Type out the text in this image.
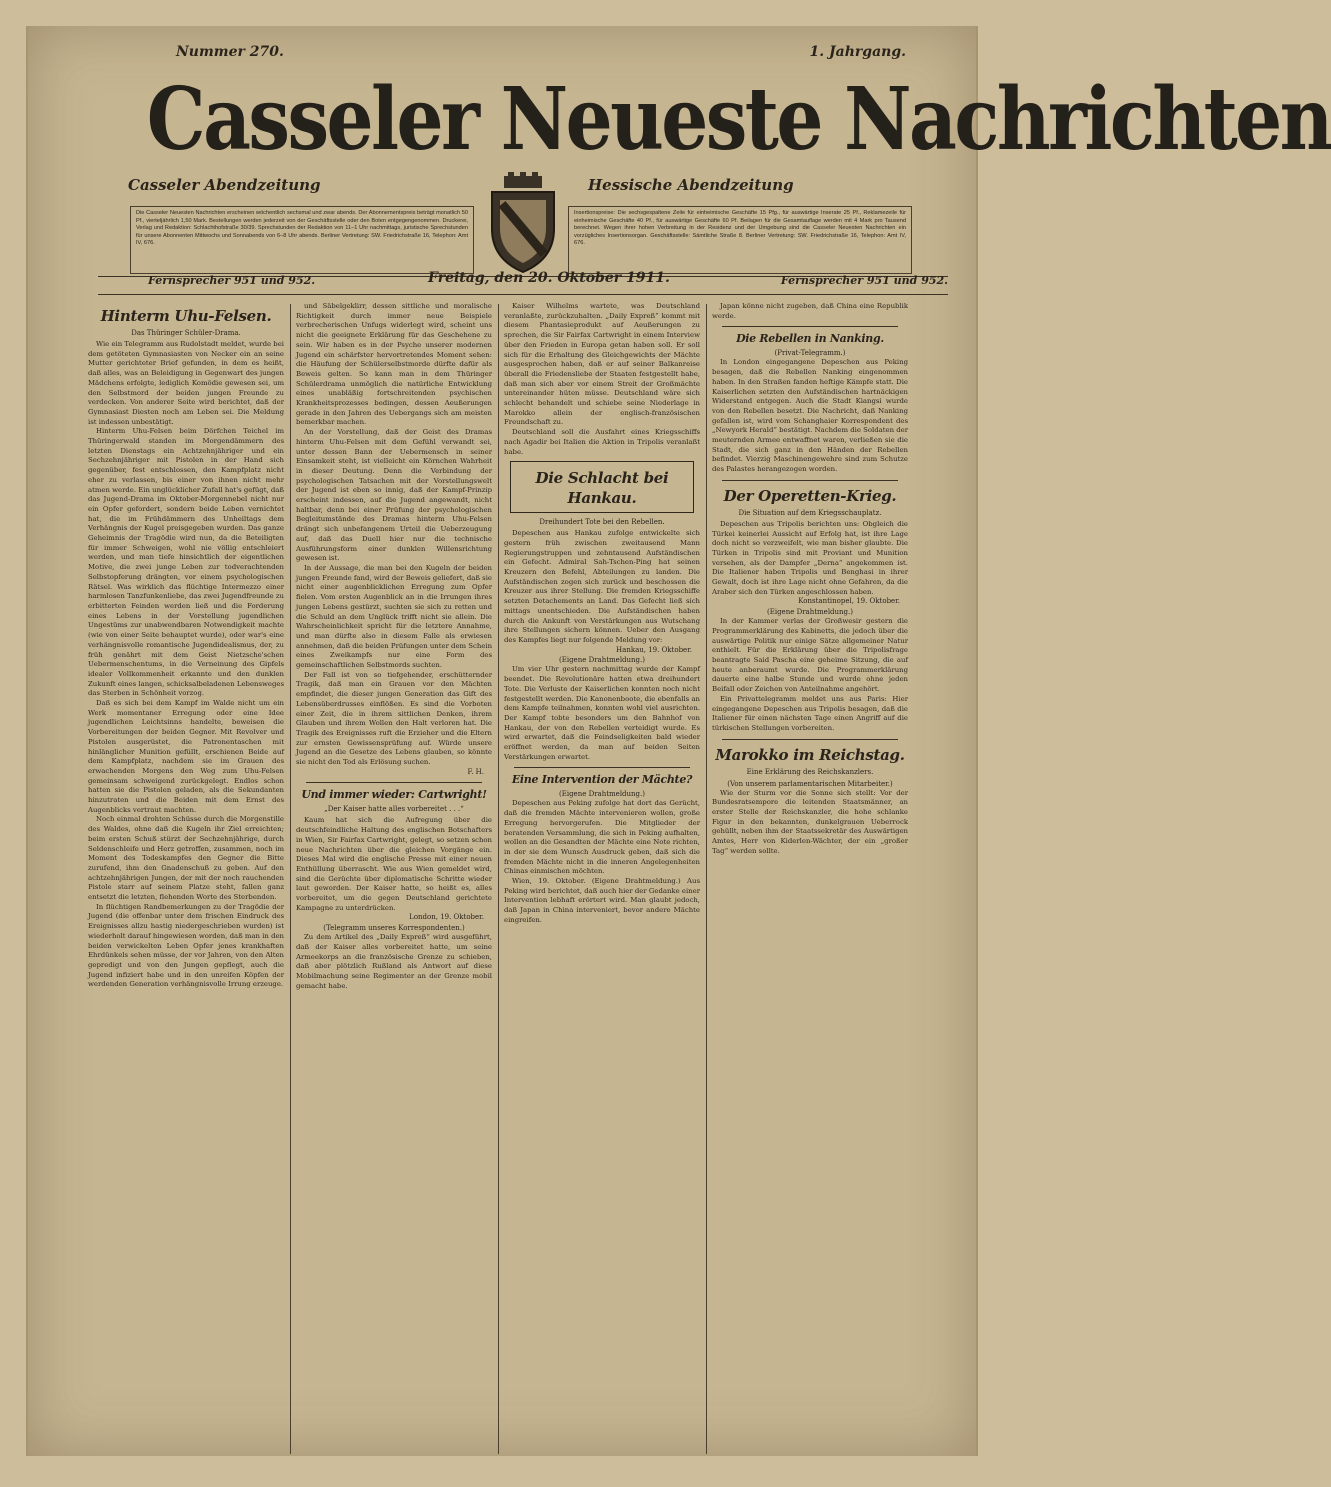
Nummer 270.	1. Jahrgang.
Casseler Neueste Nachrichten
Casseler Abendzeitung	Hessische Abendzeitung
Die Casseler Neuesten Nachrichten erscheinen wöchentlich sechsmal und zwar abends. Der Abonnementspreis beträgt monatlich 50 Pf., vierteljährlich 1,50 Mark. Bestellungen werden jederzeit von der Geschäftsstelle oder den Boten entgegengenommen. Druckerei, Verlag und Redaktion: Schlachthofstraße 30/39. Sprechstunden der Redaktion von 11–1 Uhr nachmittags, juristische Sprechstunden für unsere Abonnenten Mittwochs und Sonnabends von 6–8 Uhr abends. Berliner Vertretung: SW. Friedrichstraße 16, Telephon: Amt IV, 676.
Insertionspreise: Die sechsgespaltene Zeile für einheimische Geschäfte 15 Pfg., für auswärtige Inserate 25 Pf., Reklamezeile für einheimische Geschäfte 40 Pf., für auswärtige Geschäfte 60 Pf. Beilagen für die Gesamtauflage werden mit 4 Mark pro Tausend berechnet. Wegen ihrer hohen Verbreitung in der Residenz und der Umgebung sind die Casseler Neuesten Nachrichten ein vorzügliches Insertionsorgan. Geschäftsstelle: Sämtliche Straße 8. Berliner Vertretung: SW. Friedrichstraße 16, Telephon: Amt IV, 676.
Fernsprecher 951 und 952.	Freitag, den 20. Oktober 1911.	Fernsprecher 951 und 952.
Hinterm Uhu-Felsen.
Das Thüringer Schüler-Drama.

Wie ein Telegramm aus Rudolstadt meldet, wurde bei dem getöteten Gymnasiasten von Necker ein an seine Mutter gerichteter Brief gefunden, in dem es heißt, daß alles, was an Beleidigung in Gegenwart des jungen Mädchens erfolgte, lediglich Komödie gewesen sei, um den Selbstmord der beiden jungen Freunde zu verdecken. Von anderer Seite wird berichtet, daß der Gymnasiast Diesten noch am Leben sei. Die Meldung ist indessen unbestätigt.

Hinterm Uhu-Felsen beim Dörfchen Teichel im Thüringerwald standen im Morgendämmern des letzten Dienstags ein Achtzehnjähriger und ein Sechzehnjähriger mit Pistolen in der Hand sich gegenüber, fest entschlossen, den Kampfplatz nicht eher zu verlassen, bis einer von ihnen nicht mehr atmen werde. Ein unglücklicher Zufall hat's gefügt, daß das Jugend-Drama im Oktober-Morgennebel nicht nur ein Opfer gefordert, sondern beide Leben vernichtet hat, die im Frühdämmern des Unheiltags dem Verhängnis der Kugel preisgegeben wurden. Das ganze Geheimnis der Tragödie wird nun, da die Beteiligten für immer Schweigen, wohl nie völlig entschleiert werden, und man tiefe hinsichtlich der eigentlichen Motive, die zwei junge Leben zur todverachtenden Selbstopferung drängten, vor einem psychologischen Rätsel. Was wirklich das flüchtige Intermezzo einer harmlosen Tanzfunkenliebe, das zwei Jugendfreunde zu erbitterten Feinden werden ließ und die Forderung eines Lebens in der Vorstellung jugendlichen Ungestüms zur unabwendbaren Notwendigkeit machte (wie von einer Seite behauptet wurde), oder war's eine verhängnisvolle romantische Jugendidealismus, der, zu früh genährt mit dem Geist Nietzsche'schen Uebermenschentums, in die Verneinung des Gipfels idealer Vollkommenheit erkannte und den dunklen Zukunft eines langen, schicksalbeladenen Lebensweges das Sterben in Schönheit vorzog.

Daß es sich bei dem Kampf im Walde nicht um ein Werk momentaner Erregung oder eine Idee jugendlichen Leichtsinns handelte, beweisen die Vorbereitungen der beiden Gegner. Mit Revolver und Pistolen ausgerüstet, die Patronentaschen mit hinlänglicher Munition gefüllt, erschienen Beide auf dem Kampfplatz, nachdem sie im Grauen des erwachenden Morgens den Weg zum Uhu-Felsen gemeinsam schweigend zurückgelegt. Endlos schon hatten sie die Pistolen geladen, als die Sekundanten hinzutraten und die Beiden mit dem Ernst des Augenblicks vertraut machten.

Noch einmal drohten Schüsse durch die Morgenstille des Waldes, ohne daß die Kugeln ihr Ziel erreichten; beim ersten Schuß stürzt der Sechzehnjährige, durch Seldenschleife und Herz getroffen, zusammen, noch im Moment des Todeskampfes den Gegner die Bitte zurufend, ihm den Gnadenschuß zu geben. Auf den achtzehnjährigen Jungen, der mit der noch rauchenden Pistole starr auf seinem Platze steht, fallen ganz entsetzt die letzten, flehenden Worte des Sterbenden.

In flüchtigen Randbemerkungen zu der Tragödie der Jugend (die offenbar unter dem frischen Eindruck des Ereignisses allzu hastig niedergeschrieben wurden) ist wiederholt darauf hingewiesen worden, daß man in den beiden verwickelten Leben Opfer jenes krankhaften Ehrdünkels sehen müsse, der vor Jahren, von den Alten gepredigt und von den Jungen gepflegt, auch die Jugend infiziert habe und in den unreifen Köpfen der werdenden Generation verhängnisvolle Irrung erzeuge.

und Säbelgeklirr, dessen sittliche und moralische Richtigkeit durch immer neue Beispiele verbrecherischen Unfugs widerlegt wird, scheint uns nicht die geeignete Erklärung für das Geschehene zu sein. Wir haben es in der Psyche unserer modernen Jugend ein schärfster hervortretendes Moment sehen: die Häufung der Schülerselbstmorde dürfte dafür als Beweis gelten. So kann man in dem Thüringer Schülerdrama unmöglich die natürliche Entwicklung eines unabläßig fortschreitenden psychischen Krankheitsprozesses bedingen, dessen Aeußerungen gerade in den Jahren des Uebergangs sich am meisten bemerkbar machen.

An der Vorstellung, daß der Geist des Dramas hinterm Uhu-Felsen mit dem Gefühl verwandt sei, unter dessen Bann der Uebermensch in seiner Einsamkeit steht, ist vielleicht ein Körnchen Wahrheit in dieser Deutung. Denn die Verbindung der psychologischen Tatsachen mit der Vorstellungswelt der Jugend ist eben so innig, daß der Kampf-Prinzip erscheint indessen, auf die Jugend angewandt, nicht haltbar, denn bei einer Prüfung der psychologischen Begleitumstände des Dramas hinterm Uhu-Felsen drängt sich unbefangenem Urteil die Ueberzeugung auf, daß das Duell hier nur die technische Ausführungsform einer dunklen Willensrichtung gewesen ist.

In der Aussage, die man bei den Kugeln der beiden jungen Freunde fand, wird der Beweis geliefert, daß sie nicht einer augenblicklichen Erregung zum Opfer fielen. Vom ersten Augenblick an in die Irrungen ihres jungen Lebens gestürzt, suchten sie sich zu retten und die Schuld an dem Unglück trifft nicht sie allein. Die Wahrscheinlichkeit spricht für die letztere Annahme, und man dürfte also in diesem Falle als erwiesen annehmen, daß die beiden Prüfungen unter dem Schein eines Zweikampfs nur eine Form des gemeinschaftlichen Selbstmords suchten.

Der Fall ist von so tiefgehender, erschütternder Tragik, daß man ein Grauen vor den Mächten empfindet, die dieser jungen Generation das Gift des Lebensüberdrusses einflößen. Es sind die Vorboten einer Zeit, die in ihrem sittlichen Denken, ihrem Glauben und ihrem Wollen den Halt verloren hat. Die Tragik des Ereignisses ruft die Erzieher und die Eltern zur ernsten Gewissensprüfung auf. Würde unsere Jugend an die Gesetze des Lebens glauben, so könnte sie nicht den Tod als Erlösung suchen.

F. H.
Und immer wieder: Cartwright!
„Der Kaiser hatte alles vorbereitet . . .“

Kaum hat sich die Aufregung über die deutschfeindliche Haltung des englischen Botschafters in Wien, Sir Fairfax Cartwright, gelegt, so setzen schon neue Nachrichten über die gleichen Vorgänge ein. Dieses Mal wird die englische Presse mit einer neuen Enthüllung überrascht. Wie aus Wien gemeldet wird, sind die Gerüchte über diplomatische Schritte wieder laut geworden. Der Kaiser hatte, so heißt es, alles vorbereitet, um die gegen Deutschland gerichtete Kampagne zu unterdrücken.

London, 19. Oktober.
(Telegramm unseres Korrespondenten.)

Zu dem Artikel des „Daily Expreß“ wird ausgeführt, daß der Kaiser alles vorbereitet hatte, um seine Armeekorps an die französische Grenze zu schieben, daß aber plötzlich Rußland als Antwort auf diese Mobilmachung seine Regimenter an der Grenze mobil gemacht habe.

Kaiser Wilhelms wartete, was Deutschland veranlaßte, zurückzuhalten. „Daily Expreß“ kommt mit diesem Phantasieprodukt auf Aeußerungen zu sprechen, die Sir Fairfax Cartwright in einem Interview über den Frieden in Europa getan haben soll. Er soll sich für die Erhaltung des Gleichgewichts der Mächte ausgesprochen haben, daß er auf seiner Balkanreise überall die Friedensliebe der Staaten festgestellt habe, daß man sich aber vor einem Streit der Großmächte untereinander hüten müsse. Deutschland wäre sich schlecht behandelt und schiebe seine Niederlage in Marokko allein der englisch-französischen Freundschaft zu.

Deutschland soll die Ausfahrt eines Kriegsschiffs nach Agadir bei Italien die Aktion in Tripolis veranlaßt habe.

Die Schlacht bei Hankau.
Dreihundert Tote bei den Rebellen.

Depeschen aus Hankau zufolge entwickelte sich gestern früh zwischen zweitausend Mann Regierungstruppen und zehntausend Aufständischen ein Gefecht. Admiral Sah-Tschen-Ping hat seinen Kreuzern den Befehl, Abteilungen zu landen. Die Aufständischen zogen sich zurück und beschossen die Kreuzer aus ihrer Stellung. Die fremden Kriegsschiffe setzten Detachements an Land. Das Gefecht ließ sich mittags unentschieden. Die Aufständischen haben durch die Ankunft von Verstärkungen aus Wutschang ihre Stellungen sichern können. Ueber den Ausgang des Kampfes liegt nur folgende Meldung vor:

Hankau, 19. Oktober.
(Eigene Drahtmeldung.)

Um vier Uhr gestern nachmittag wurde der Kampf beendet. Die Revolutionäre hatten etwa dreihundert Tote. Die Verluste der Kaiserlichen konnten noch nicht festgestellt werden. Die Kanonenboote, die ebenfalls an dem Kampfe teilnahmen, konnten wohl viel ausrichten. Der Kampf tobte besonders um den Bahnhof von Hankau, der von den Rebellen verteidigt wurde. Es wird erwartet, daß die Feindseligkeiten bald wieder eröffnet werden, da man auf beiden Seiten Verstärkungen erwartet.

Eine Intervention der Mächte?
(Eigene Drahtmeldung.)

Depeschen aus Peking zufolge hat dort das Gerücht, daß die fremden Mächte intervenieren wollen, große Erregung hervorgerufen. Die Mitglieder der beratenden Versammlung, die sich in Peking aufhalten, wollen an die Gesandten der Mächte eine Note richten, in der sie dem Wunsch Ausdruck geben, daß sich die fremden Mächte nicht in die inneren Angelegenheiten Chinas einmischen möchten.

Wien, 19. Oktober. (Eigene Drahtmeldung.) Aus Peking wird berichtet, daß auch hier der Gedanke einer Intervention lebhaft erörtert wird. Man glaubt jedoch, daß Japan in China interveniert, bevor andere Mächte eingreifen.

Japan könne nicht zugeben, daß China eine Republik werde.

Die Rebellen in Nanking.
(Privat-Telegramm.)

In London eingegangene Depeschen aus Peking besagen, daß die Rebellen Nanking eingenommen haben. In den Straßen fanden heftige Kämpfe statt. Die Kaiserlichen setzten den Aufständischen hartnäckigen Widerstand entgegen. Auch die Stadt Kiangsi wurde von den Rebellen besetzt. Die Nachricht, daß Nanking gefallen ist, wird vom Schanghaier Korrespondent des „Newyork Herald“ bestätigt. Nachdem die Soldaten der meuternden Armee entwaffnet waren, verließen sie die Stadt, die sich ganz in den Händen der Rebellen befindet. Vierzig Maschinengewehre sind zum Schutze des Palastes herangezogen worden.

Der Operetten-Krieg.
Die Situation auf dem Kriegsschauplatz.

Depeschen aus Tripolis berichten uns: Obgleich die Türkei keinerlei Aussicht auf Erfolg hat, ist ihre Lage doch nicht so verzweifelt, wie man bisher glaubte. Die Türken in Tripolis sind mit Proviant und Munition versehen, als der Dampfer „Derna“ angekommen ist. Die Italiener haben Tripolis und Benghasi in ihrer Gewalt, doch ist ihre Lage nicht ohne Gefahren, da die Araber sich den Türken angeschlossen haben.

Konstantinopel, 19. Oktober.
(Eigene Drahtmeldung.)

In der Kammer verlas der Großwesir gestern die Programmerklärung des Kabinetts, die jedoch über die auswärtige Politik nur einige Sätze allgemeiner Natur enthielt. Für die Erklärung über die Tripolisfrage beantragte Said Pascha eine geheime Sitzung, die auf heute anberaumt wurde. Die Programmerklärung dauerte eine halbe Stunde und wurde ohne jeden Beifall oder Zeichen von Anteilnahme angehört.

Ein Privattelegramm meldet uns aus Paris: Hier eingegangene Depeschen aus Tripolis besagen, daß die Italiener für einen nächsten Tage einen Angriff auf die türkischen Stellungen vorbereiten.

Marokko im Reichstag.
Eine Erklärung des Reichskanzlers.
(Von unserem parlamentarischen Mitarbeiter.)

Wie der Sturm vor die Sonne sich stellt: Vor der Bundesratsempore die leitenden Staatsmänner, an erster Stelle der Reichskanzler, die hohe schlanke Figur in den bekannten, dunkelgrauen Ueberrock gehüllt, neben ihm der Staatssekretär des Auswärtigen Amtes, Herr von Kiderlen-Wächter, der ein „großer Tag“ werden sollte.
